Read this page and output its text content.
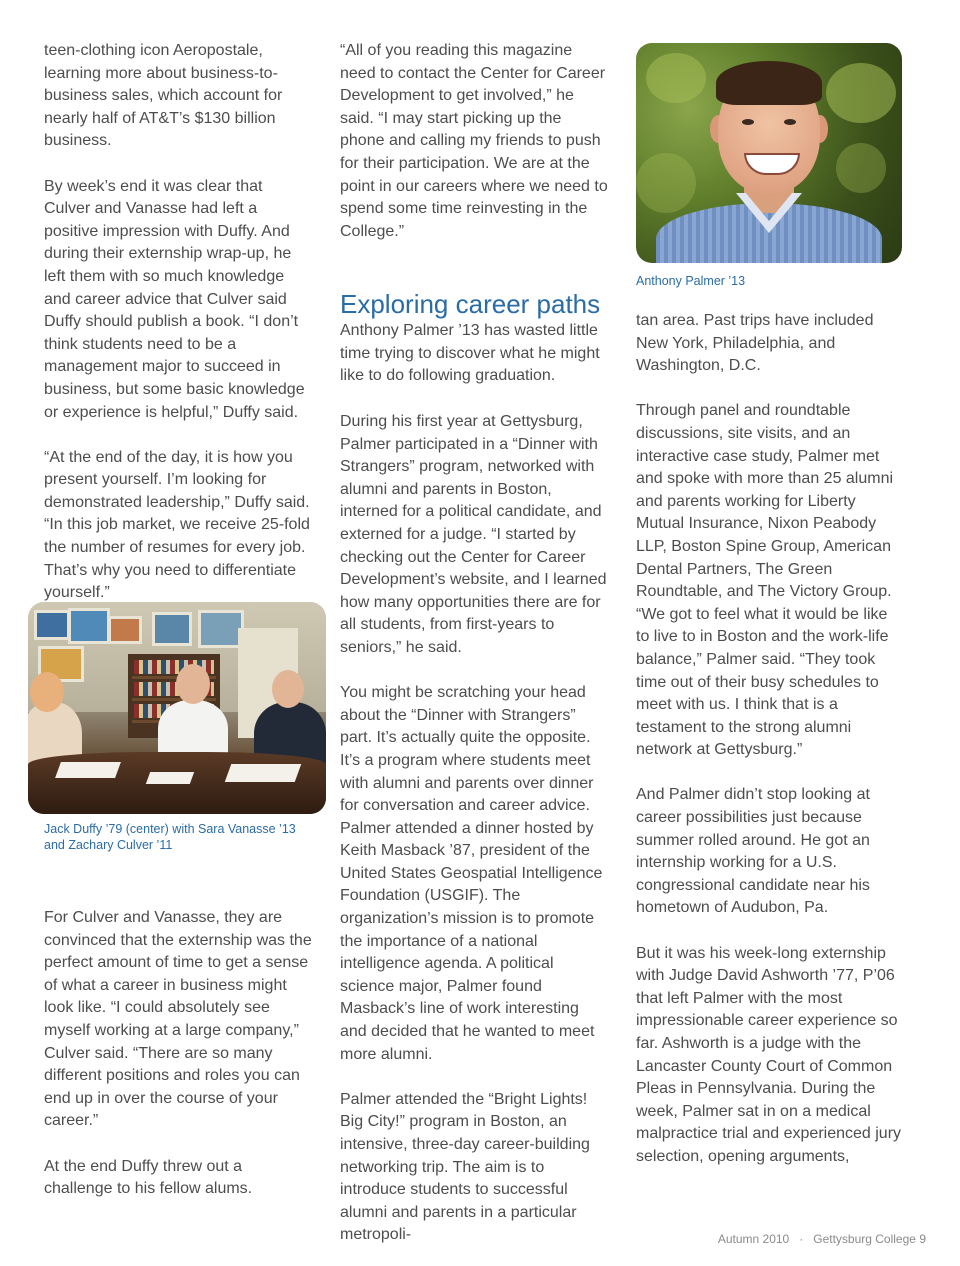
teen-clothing icon Aeropostale, learning more about business-to-business sales, which account for nearly half of AT&T’s $130 billion business.

By week’s end it was clear that Culver and Vanasse had left a positive impression with Duffy. And during their externship wrap-up, he left them with so much knowledge and career advice that Culver said Duffy should publish a book. “I don’t think students need to be a management major to succeed in business, but some basic knowledge or experience is helpful,” Duffy said.

“At the end of the day, it is how you present yourself. I’m looking for demonstrated leadership,” Duffy said. “In this job market, we receive 25-fold the number of resumes for every job. That’s why you need to differentiate yourself.”

Jack Duffy ’79 (center) with Sara Vanasse ’13 and Zachary Culver ’11

For Culver and Vanasse, they are convinced that the externship was the perfect amount of time to get a sense of what a career in business might look like. “I could absolutely see myself working at a large company,” Culver said. “There are so many different positions and roles you can end up in over the course of your career.”

At the end Duffy threw out a challenge to his fellow alums.

“All of you reading this magazine need to contact the Center for Career Development to get involved,” he said. “I may start picking up the phone and calling my friends to push for their participation. We are at the point in our careers where we need to spend some time reinvesting in the College.”

Exploring career paths

Anthony Palmer ’13 has wasted little time trying to discover what he might like to do following graduation.

During his first year at Gettysburg, Palmer participated in a “Dinner with Strangers” program, networked with alumni and parents in Boston, interned for a political candidate, and externed for a judge. “I started by checking out the Center for Career Development’s website, and I learned how many opportunities there are for all students, from first-years to seniors,” he said.

You might be scratching your head about the “Dinner with Strangers” part. It’s actually quite the opposite. It’s a program where students meet with alumni and parents over dinner for conversation and career advice. Palmer attended a dinner hosted by Keith Masback ’87, president of the United States Geospatial Intelligence Foundation (USGIF). The organization’s mission is to promote the importance of a national intelligence agenda. A political science major, Palmer found Masback’s line of work interesting and decided that he wanted to meet more alumni.

Palmer attended the “Bright Lights! Big City!” program in Boston, an intensive, three-day career-building networking trip. The aim is to introduce students to successful alumni and parents in a particular metropoli-

Anthony Palmer ’13

tan area. Past trips have included New York, Philadelphia, and Washington, D.C.

Through panel and roundtable discussions, site visits, and an interactive case study, Palmer met and spoke with more than 25 alumni and parents working for Liberty Mutual Insurance, Nixon Peabody LLP, Boston Spine Group, American Dental Partners, The Green Roundtable, and The Victory Group. “We got to feel what it would be like to live to in Boston and the work-life balance,” Palmer said. “They took time out of their busy schedules to meet with us. I think that is a testament to the strong alumni network at Gettysburg.”

And Palmer didn’t stop looking at career possibilities just because summer rolled around. He got an internship working for a U.S. congressional candidate near his hometown of Audubon, Pa.

But it was his week-long externship with Judge David Ashworth ’77, P’06 that left Palmer with the most impressionable career experience so far. Ashworth is a judge with the Lancaster County Court of Common Pleas in Pennsylvania. During the week, Palmer sat in on a medical malpractice trial and experienced jury selection, opening arguments,

Autumn 2010 · Gettysburg College 9
